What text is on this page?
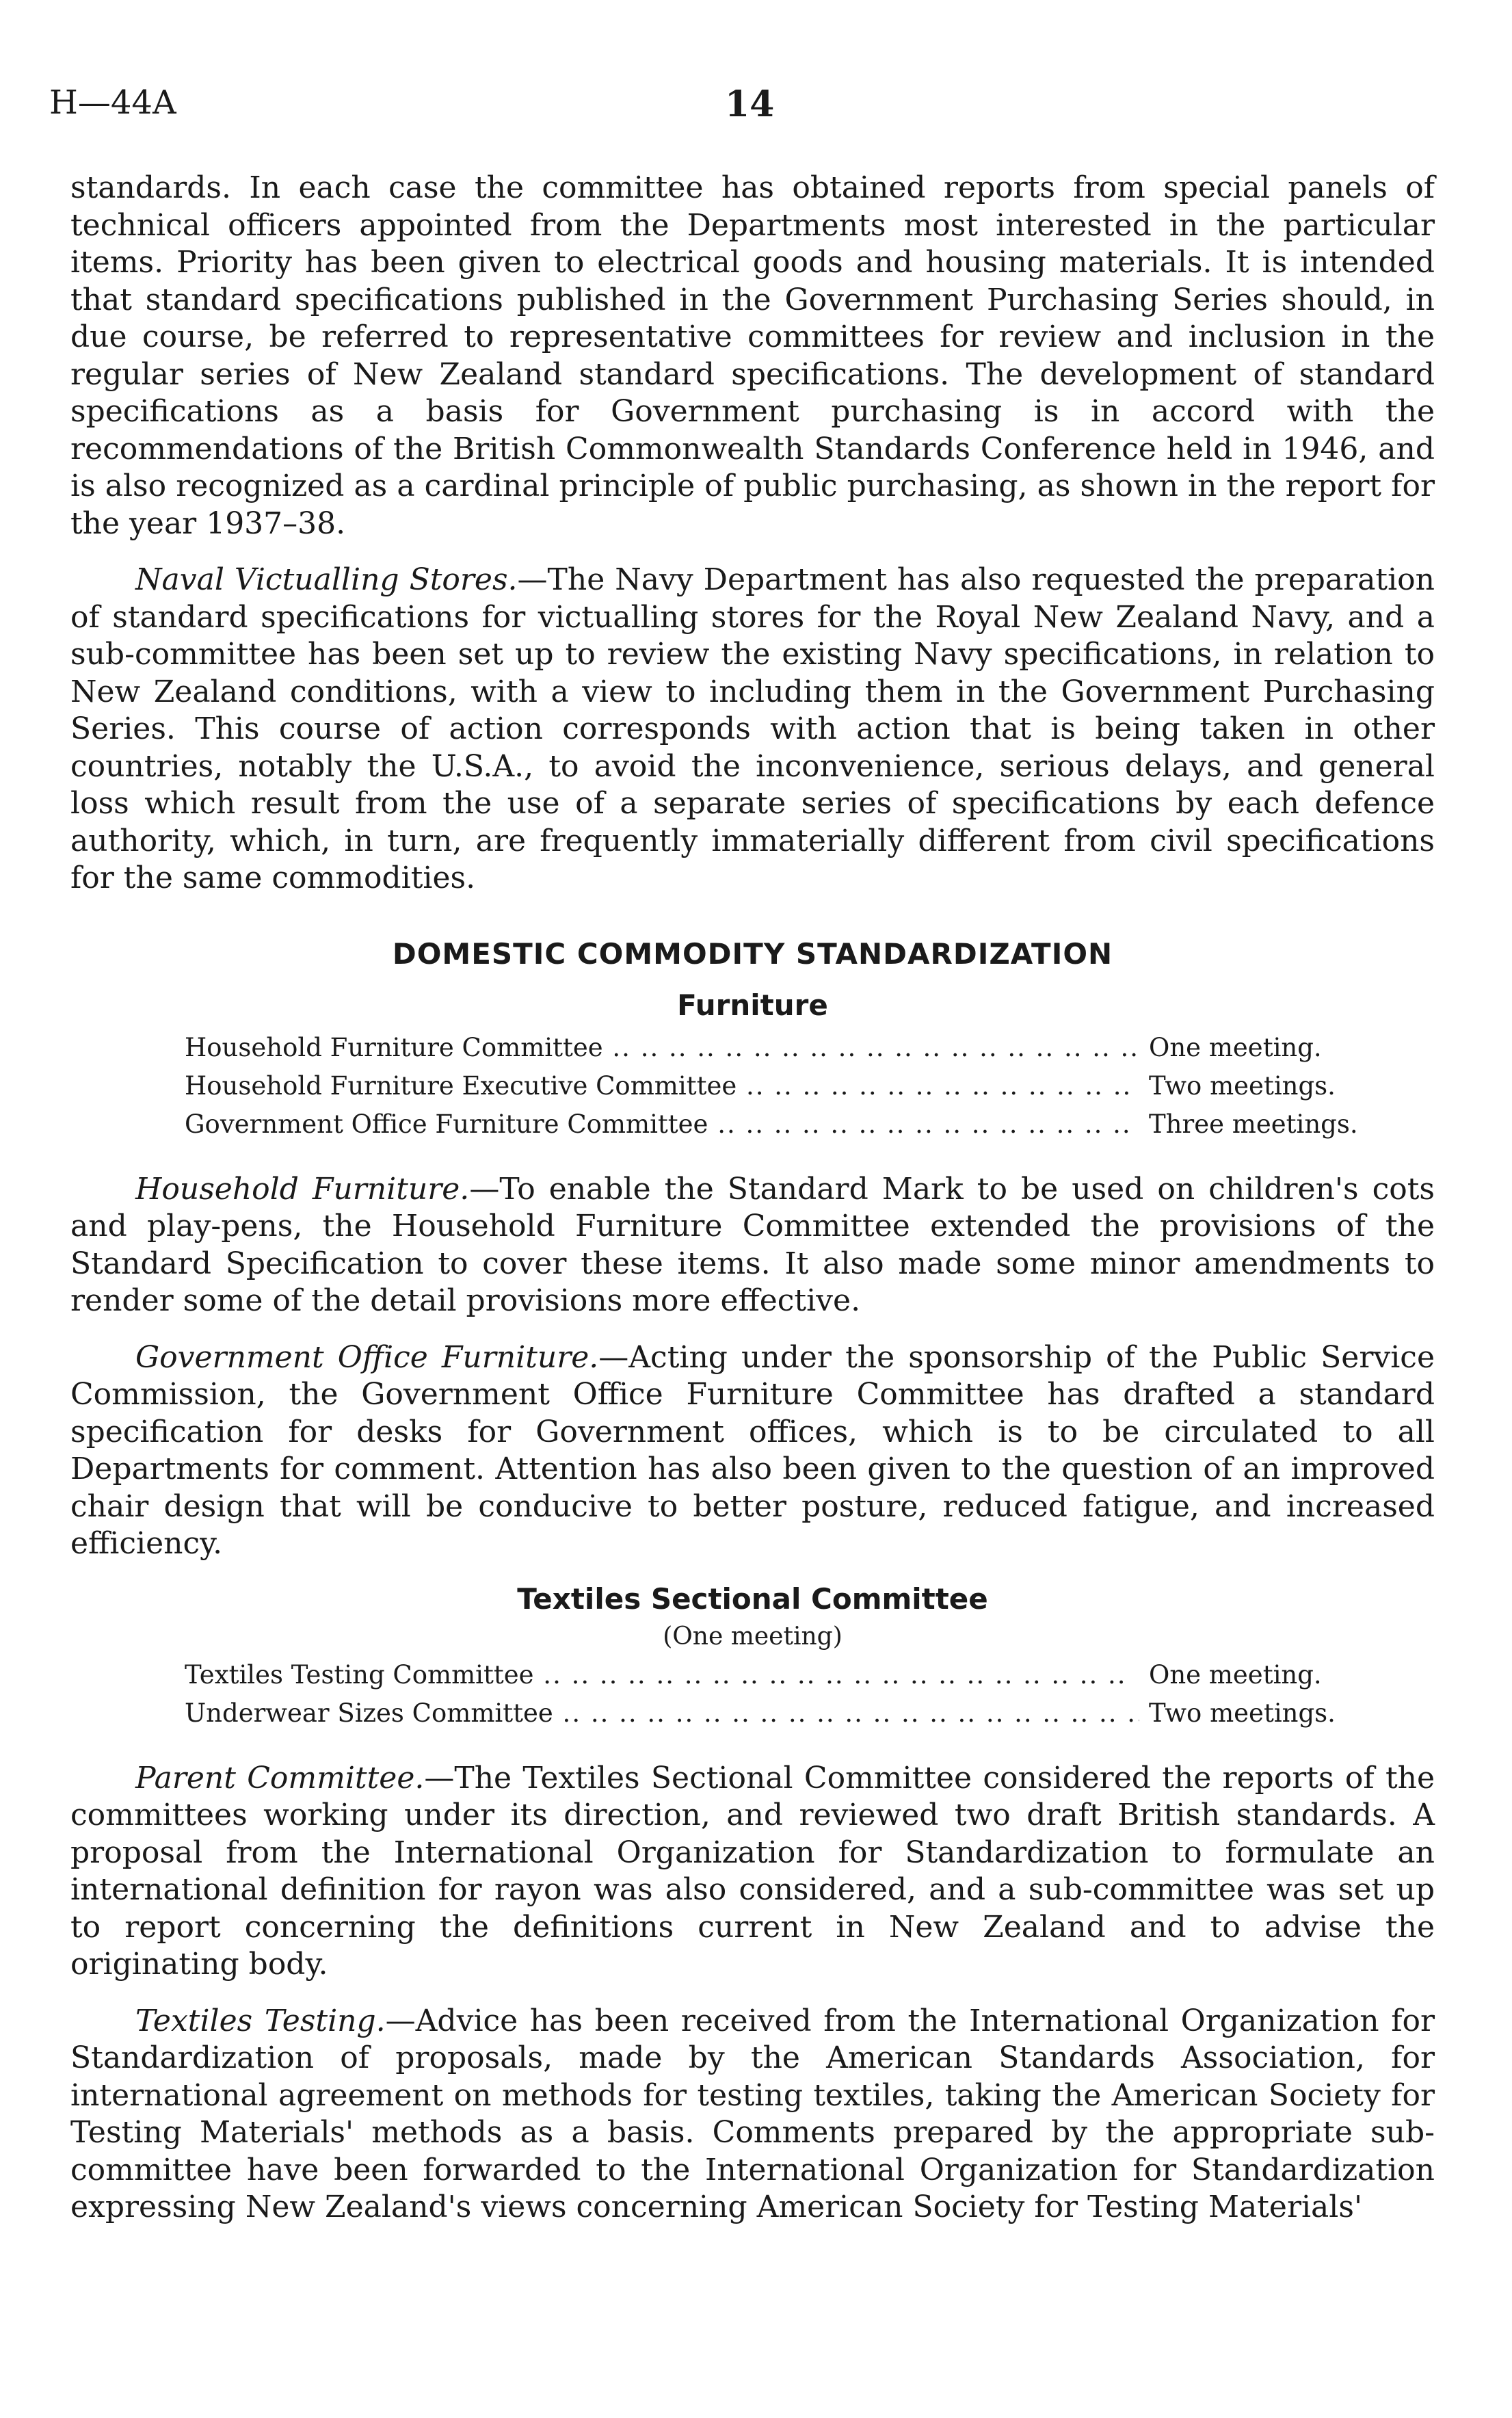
H—44A	14

standards. In each case the committee has obtained reports from special panels of technical officers appointed from the Departments most interested in the particular items. Priority has been given to electrical goods and housing materials. It is intended that standard specifications published in the Government Purchasing Series should, in due course, be referred to representative committees for review and inclusion in the regular series of New Zealand standard specifications. The development of standard specifications as a basis for Government purchasing is in accord with the recommendations of the British Commonwealth Standards Conference held in 1946, and is also recognized as a cardinal principle of public purchasing, as shown in the report for the year 1937–38.

Naval Victualling Stores.—The Navy Department has also requested the preparation of standard specifications for victualling stores for the Royal New Zealand Navy, and a sub-committee has been set up to review the existing Navy specifications, in relation to New Zealand conditions, with a view to including them in the Government Purchasing Series. This course of action corresponds with action that is being taken in other countries, notably the U.S.A., to avoid the inconvenience, serious delays, and general loss which result from the use of a separate series of specifications by each defence authority, which, in turn, are frequently immaterially different from civil specifications for the same commodities.

DOMESTIC COMMODITY STANDARDIZATION
Furniture
Household Furniture Committee .. ..	One meeting.
Household Furniture Executive Committee .. ..	Two meetings.
Government Office Furniture Committee .. ..	Three meetings.

Household Furniture.—To enable the Standard Mark to be used on children's cots and play-pens, the Household Furniture Committee extended the provisions of the Standard Specification to cover these items. It also made some minor amendments to render some of the detail provisions more effective.

Government Office Furniture.—Acting under the sponsorship of the Public Service Commission, the Government Office Furniture Committee has drafted a standard specification for desks for Government offices, which is to be circulated to all Departments for comment. Attention has also been given to the question of an improved chair design that will be conducive to better posture, reduced fatigue, and increased efficiency.

Textiles Sectional Committee
(One meeting)
Textiles Testing Committee .. ..	One meeting.
Underwear Sizes Committee .. ..	Two meetings.

Parent Committee.—The Textiles Sectional Committee considered the reports of the committees working under its direction, and reviewed two draft British standards. A proposal from the International Organization for Standardization to formulate an international definition for rayon was also considered, and a sub-committee was set up to report concerning the definitions current in New Zealand and to advise the originating body.

Textiles Testing.—Advice has been received from the International Organization for Standardization of proposals, made by the American Standards Association, for international agreement on methods for testing textiles, taking the American Society for Testing Materials' methods as a basis. Comments prepared by the appropriate sub-committee have been forwarded to the International Organization for Standardization expressing New Zealand's views concerning American Society for Testing Materials'
